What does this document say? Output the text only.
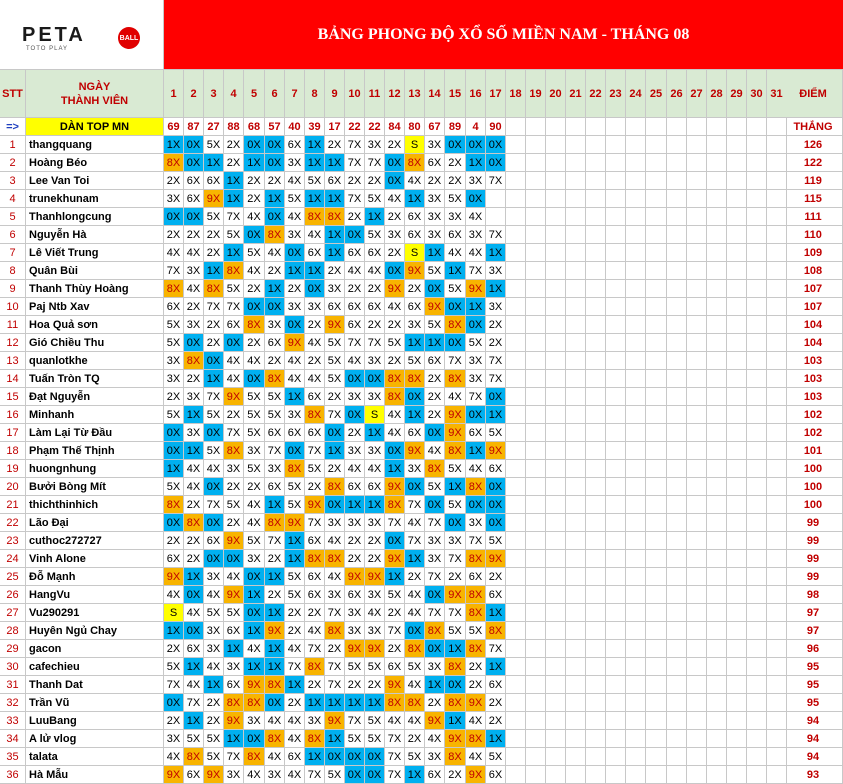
PETA	BALL
TOTO PLAY
BẢNG PHONG ĐỘ XỔ SỐ MIỀN NAM - THÁNG 08
STT
NGÀY
THÀNH VIÊN
1	2	3	4	5	6	7	8	9 10 11 12 13 14 15 16 17 18 19 20 21 22 23 24 25 26 27 28 29 30 31	ĐIỂM
=>	DÀN TOP MN	69 87 27 88 68 57 40 39 17 22 22 84 80 67 89	4 90	THẮNG
1	thangquang	1X 0X 5X 2X 0X 0X 6X 1X 2X 7X 3X 2X S 3X 0X 0X 0X	126
2	Hoàng Béo	8X 0X 1X 2X 1X 0X 3X 1X 1X 7X 7X 0X 8X 6X 2X 1X 0X	122
3	Lee Van Toi	2X 6X 6X 1X 2X 2X 4X 5X 6X 2X 2X 0X 4X 2X 2X 3X 7X	119
4	trunekhunam	3X 6X 9X 1X 2X 1X 5X 1X 1X 7X 5X 4X 1X 3X 5X 0X	115
5	Thanhlongcung	0X 0X 5X 7X 4X 0X 4X 8X 8X 2X 1X 2X 6X 3X 3X 4X	111
6	Nguyễn Hà	2X 2X 2X 5X 0X 8X 3X 4X 1X 0X 5X 3X 6X 3X 6X 3X 7X	110
7	Lê Viết Trung	4X 4X 2X 1X 5X 4X 0X 6X 1X 6X 6X 2X S 1X 4X 4X 1X	109
8	Quân Bùi	7X 3X 1X 8X 4X 2X 1X 1X 2X 4X 4X 0X 9X 5X 1X 7X 3X	108
9	Thanh Thùy Hoàng	8X 4X 8X 5X 2X 1X 2X 0X 3X 2X 2X 9X 2X 0X 5X 9X 1X	107
10 Paj Ntb Xav	6X 2X 7X 7X 0X 0X 3X 3X 6X 6X 6X 4X 6X 9X 0X 1X 3X	107
11 Hoa Quả sơn	5X 3X 2X 6X 8X 3X 0X 2X 9X 6X 2X 2X 3X 5X 8X 0X 2X	104
12 Gió Chiều Thu	5X 0X 2X 0X 2X 6X 9X 4X 5X 7X 7X 5X 1X 1X 0X 5X 2X	104
13 quanlotkhe	3X 8X 0X 4X 4X 2X 4X 2X 5X 4X 3X 2X 5X 6X 7X 3X 7X	103
14 Tuấn Tròn TQ	3X 2X 1X 4X 0X 8X 4X 4X 5X 0X 0X 8X 8X 2X 8X 3X 7X	103
15 Đạt Nguyễn	2X 3X 7X 9X 5X 5X 1X 6X 2X 3X 3X 8X 0X 2X 4X 7X 0X	103
16 Minhanh	5X 1X 5X 2X 5X 5X 3X 8X 7X 0X S 4X 1X 2X 9X 0X 1X	102
17 Làm Lại Từ Đầu	0X 3X 0X 7X 5X 6X 6X 6X 0X 2X 1X 4X 6X 0X 9X 6X 5X	102
18 Phạm Thế Thịnh	0X 1X 5X 8X 3X 7X 0X 7X 1X 3X 3X 0X 9X 4X 8X 1X 9X	101
19 huongnhung	1X 4X 4X 3X 5X 3X 8X 5X 2X 4X 4X 1X 3X 8X 5X 4X 6X	100
20 Bưởi Bòng Mít	5X 4X 0X 2X 2X 6X 5X 2X 8X 6X 6X 9X 0X 5X 1X 8X 0X	100
21 thichthinhich	8X 2X 7X 5X 4X 1X 5X 9X 0X 1X 1X 8X 7X 0X 5X 0X 0X	100
22 Lão Đại	0X 8X 0X 2X 4X 8X 9X 7X 3X 3X 3X 7X 4X 7X 0X 3X 0X	99
23 cuthoc272727	2X 2X 6X 9X 5X 7X 1X 6X 4X 2X 2X 0X 7X 3X 3X 7X 5X	99
24 Vinh Alone	6X 2X 0X 0X 3X 2X 1X 8X 8X 2X 2X 9X 1X 3X 7X 8X 9X	99
25 Đỗ Mạnh	9X 1X 3X 4X 0X 1X 5X 6X 4X 9X 9X 1X 2X 7X 2X 6X 2X	99
26 HangVu	4X 0X 4X 9X 1X 2X 5X 6X 3X 6X 3X 5X 4X 0X 9X 8X 6X	98
27 Vu290291	S 4X 5X 5X 0X 1X 2X 2X 7X 3X 4X 2X 4X 7X 7X 8X 1X	97
28 Huyên Ngủ Chay	1X 0X 3X 6X 1X 9X 2X 4X 8X 3X 3X 7X 0X 8X 5X 5X 8X	97
29 gacon	2X 6X 3X 1X 4X 1X 4X 7X 2X 9X 9X 2X 8X 0X 1X 8X 7X	96
30 cafechieu	5X 1X 4X 3X 1X 1X 7X 8X 7X 5X 5X 6X 5X 3X 8X 2X 1X	95
31 Thanh Dat	7X 4X 1X 6X 9X 8X 1X 2X 7X 2X 2X 9X 4X 1X 0X 2X 6X	95
32 Trần Vũ	0X 7X 2X 8X 8X 0X 2X 1X 1X 1X 1X 8X 8X 2X 8X 9X 2X	95
33 LuuBang	2X 1X 2X 9X 3X 4X 4X 3X 9X 7X 5X 4X 4X 9X 1X 4X 2X	94
34 A lử vlog	3X 5X 5X 1X 0X 8X 4X 8X 1X 5X 5X 7X 2X 4X 9X 8X 1X	94
35 talata	4X 8X 5X 7X 8X 4X 6X 1X 0X 0X 0X 7X 5X 3X 8X 4X 5X	94
36 Hà Mẫu	9X 6X 9X 3X 4X 3X 4X 7X 5X 0X 0X 7X 1X 6X 2X 9X 6X	93
